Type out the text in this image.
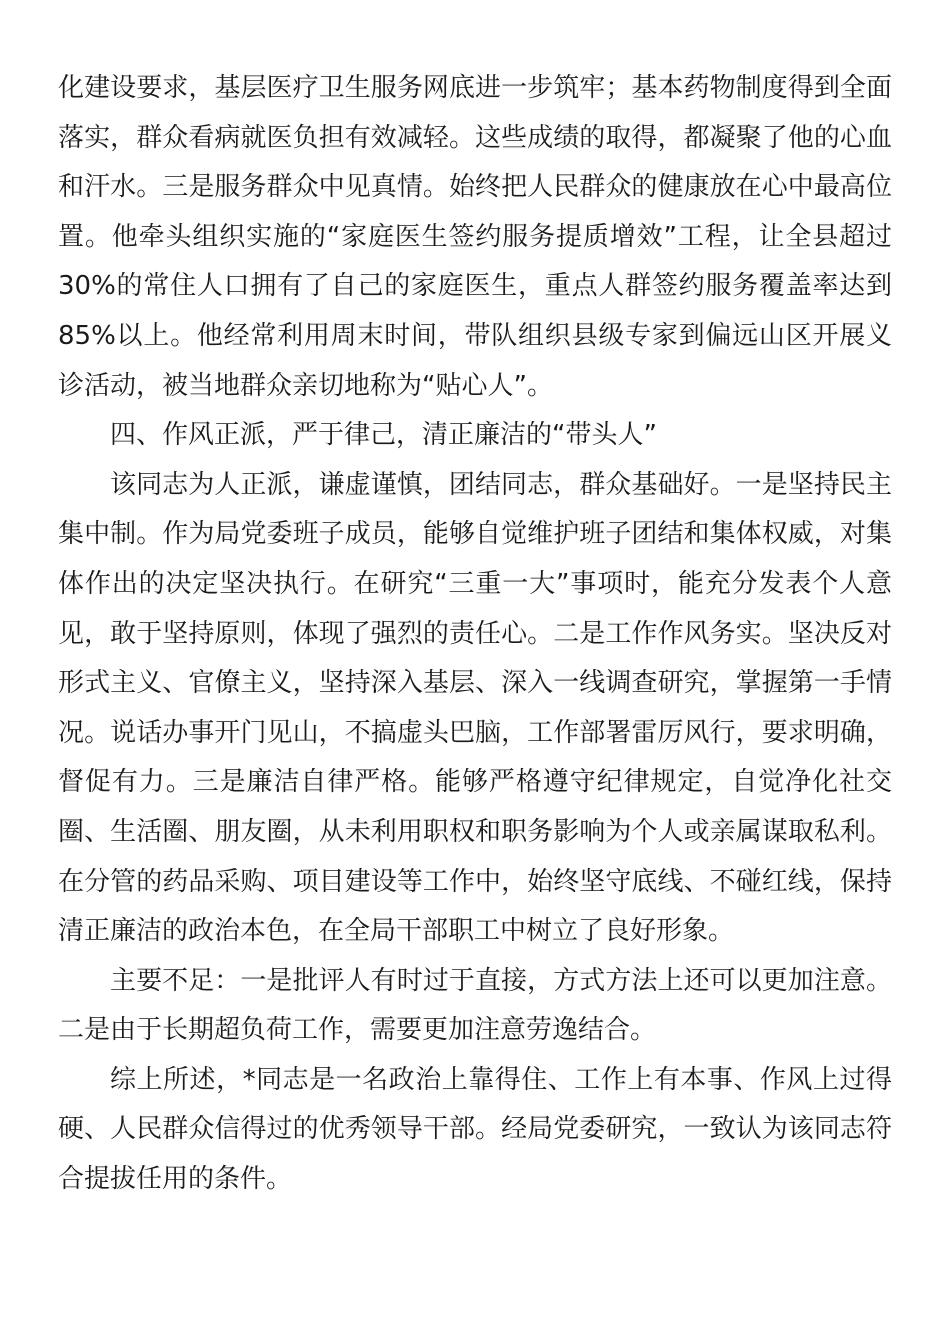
化建设要求，基层医疗卫生服务网底进一步筑牢；基本药物制度得到全面落实，群众看病就医负担有效减轻。这些成绩的取得，都凝聚了他的心血和汗水。三是服务群众中见真情。始终把人民群众的健康放在心中最高位置。他牵头组织实施的“家庭医生签约服务提质增效”工程，让全县超过30%的常住人口拥有了自己的家庭医生，重点人群签约服务覆盖率达到85%以上。他经常利用周末时间，带队组织县级专家到偏远山区开展义诊活动，被当地群众亲切地称为“贴心人”。

四、作风正派，严于律己，清正廉洁的“带头人”

该同志为人正派，谦虚谨慎，团结同志，群众基础好。一是坚持民主集中制。作为局党委班子成员，能够自觉维护班子团结和集体权威，对集体作出的决定坚决执行。在研究“三重一大”事项时，能充分发表个人意见，敢于坚持原则，体现了强烈的责任心。二是工作作风务实。坚决反对形式主义、官僚主义，坚持深入基层、深入一线调查研究，掌握第一手情况。说话办事开门见山，不搞虚头巴脑，工作部署雷厉风行，要求明确，督促有力。三是廉洁自律严格。能够严格遵守纪律规定，自觉净化社交圈、生活圈、朋友圈，从未利用职权和职务影响为个人或亲属谋取私利。在分管的药品采购、项目建设等工作中，始终坚守底线、不碰红线，保持清正廉洁的政治本色，在全局干部职工中树立了良好形象。

主要不足：一是批评人有时过于直接，方式方法上还可以更加注意。二是由于长期超负荷工作，需要更加注意劳逸结合。

综上所述，*同志是一名政治上靠得住、工作上有本事、作风上过得硬、人民群众信得过的优秀领导干部。经局党委研究，一致认为该同志符合提拔任用的条件。
